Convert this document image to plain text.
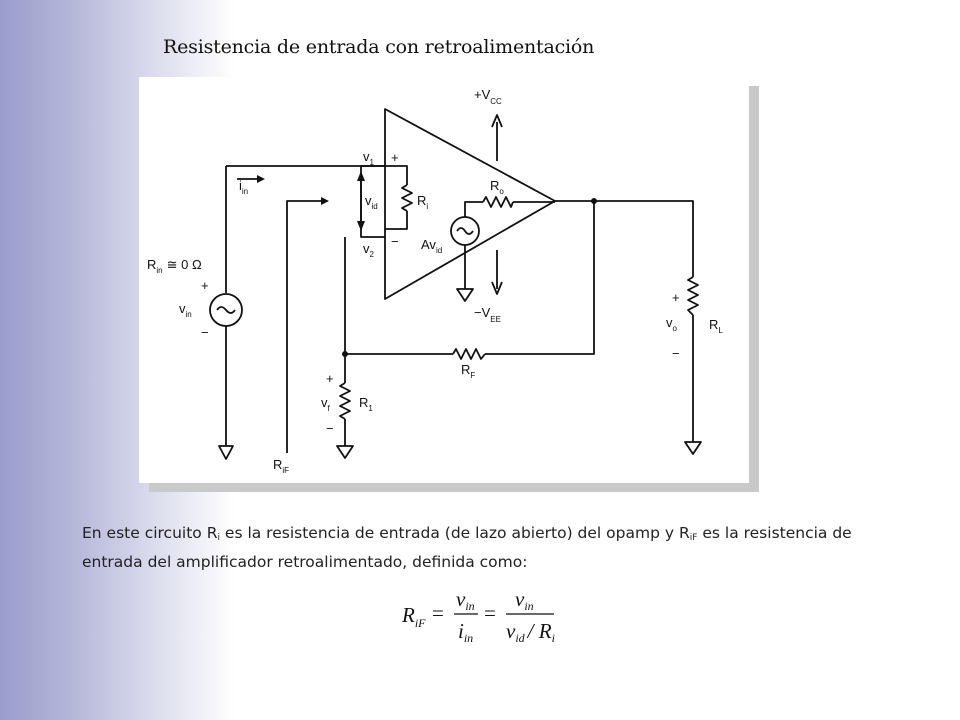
Resistencia de entrada con retroalimentación
$+V_{CC}$
$-V_{EE}$
$v_1$
$v_2$
$v_{id}$	$R_i$
$R_o$
$Av_{id}$
$i_{in}$
$R_{in}$ ≅ 0 Ω
$v_{in}$
$v_o$ $R_L$
$R_F$
$v_f$ $R_1$
$R_{iF}$
+
−
+
−
+
−
+
−

En este circuito $R_i$ es la resistencia de entrada (de lazo abierto) del opamp y $R_{iF}$ es la resistencia de entrada del amplificador retroalimentado, definida como:

$R_{iF}$ =
vin
iin
=
vin
vid / Ri
